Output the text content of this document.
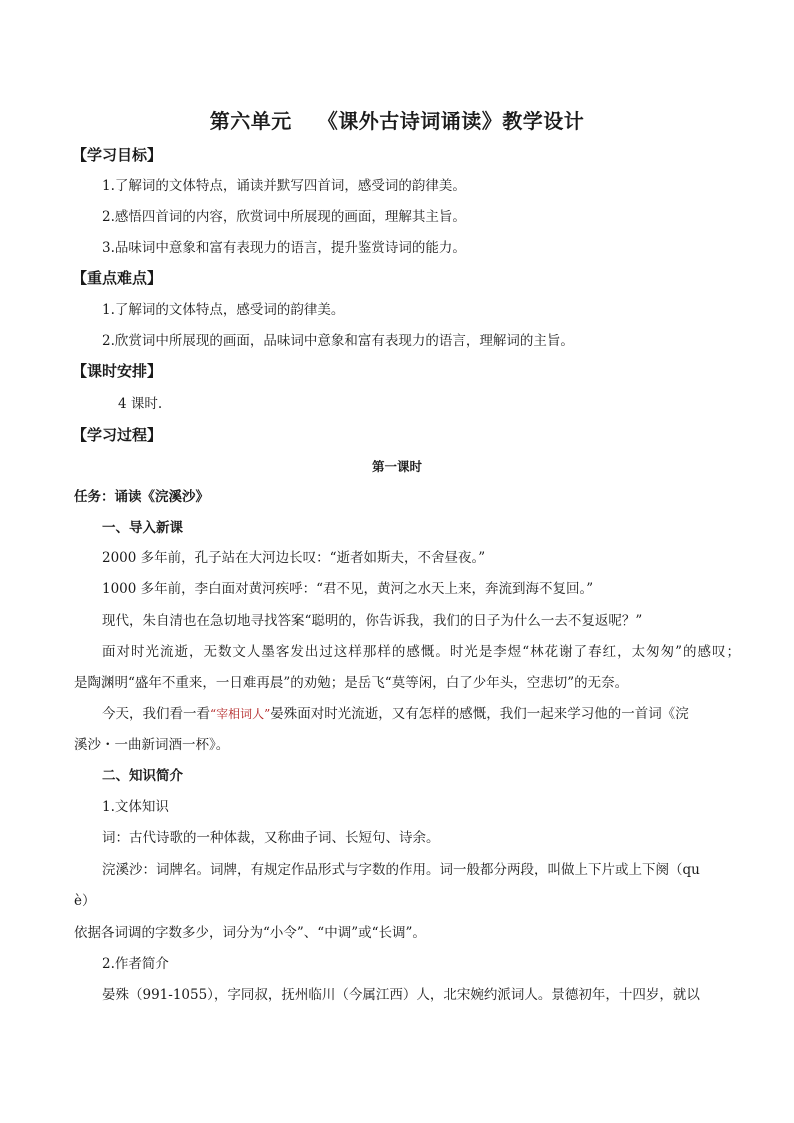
第六单元 《课外古诗词诵读》教学设计
【学习目标】
1.了解词的文体特点，诵读并默写四首词，感受词的韵律美。
2.感悟四首词的内容，欣赏词中所展现的画面，理解其主旨。
3.品味词中意象和富有表现力的语言，提升鉴赏诗词的能力。
【重点难点】
1.了解词的文体特点，感受词的韵律美。
2.欣赏词中所展现的画面，品味词中意象和富有表现力的语言，理解词的主旨。
【课时安排】
4 课时.
【学习过程】
第一课时
任务：诵读《浣溪沙》
一、导入新课
2000 多年前，孔子站在大河边长叹：“逝者如斯夫，不舍昼夜。”
1000 多年前，李白面对黄河疾呼：“君不见，黄河之水天上来，奔流到海不复回。”
现代，朱自清也在急切地寻找答案“聪明的，你告诉我，我们的日子为什么一去不复返呢？”
面对时光流逝，无数文人墨客发出过这样那样的感慨。时光是李煜“林花谢了春红，太匆匆”的感叹；
是陶渊明“盛年不重来，一日难再晨”的劝勉；是岳飞“莫等闲，白了少年头，空悲切”的无奈。
今天，我们看一看“宰相词人”晏殊面对时光流逝，又有怎样的感慨，我们一起来学习他的一首词《浣
溪沙・一曲新词酒一杯》。
二、知识简介
1.文体知识
词：古代诗歌的一种体裁，又称曲子词、长短句、诗余。
浣溪沙：词牌名。词牌，有规定作品形式与字数的作用。词一般都分两段，叫做上下片或上下阕（qu
è）
依据各词调的字数多少，词分为“小令”、“中调”或“长调”。
2.作者简介
晏殊（991-1055），字同叔，抚州临川（今属江西）人，北宋婉约派词人。景德初年，十四岁，就以
